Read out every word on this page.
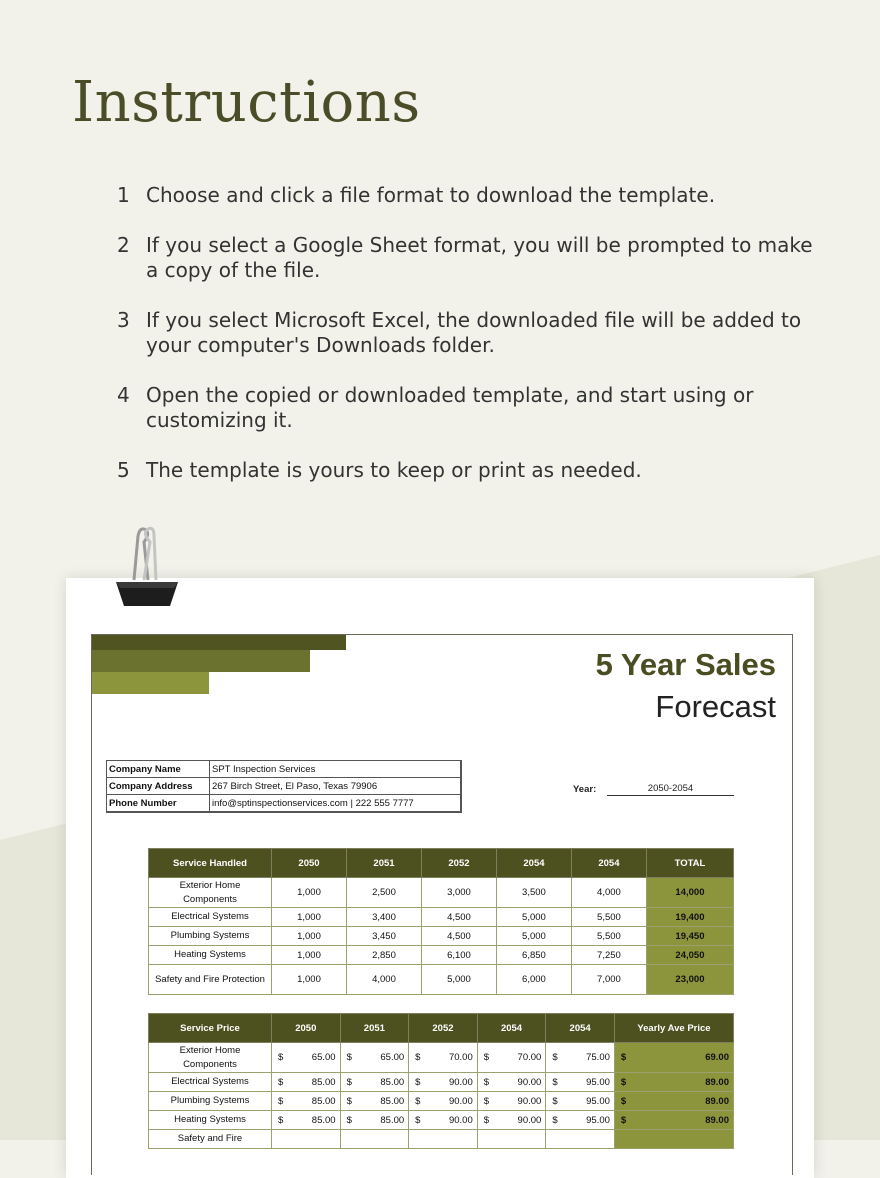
Instructions
1 Choose and click a file format to download the template.
2 If you select a Google Sheet format, you will be prompted to make a copy of the file.
3 If you select Microsoft Excel, the downloaded file will be added to your computer's Downloads folder.
4 Open the copied or downloaded template, and start using or customizing it.
5 The template is yours to keep or print as needed.
5 Year Sales
Forecast
Company Name	SPT Inspection Services
Company Address	267 Birch Street, El Paso, Texas 79906
Phone Number	info@sptinspectionservices.com | 222 555 7777
Year:	2050-2054
Service Handled	2050	2051	2052	2054	2054	TOTAL
Exterior Home Components	1,000	2,500	3,000	3,500	4,000	14,000
Electrical Systems	1,000	3,400	4,500	5,000	5,500	19,400
Plumbing Systems	1,000	3,450	4,500	5,000	5,500	19,450
Heating Systems	1,000	2,850	6,100	6,850	7,250	24,050
Safety and Fire Protection	1,000	4,000	5,000	6,000	7,000	23,000
Service Price	2050	2051	2052	2054	2054	Yearly Ave Price
Exterior Home Components	$ 65.00	$ 65.00	$ 70.00	$ 70.00	$ 75.00	$ 69.00
Electrical Systems	$ 85.00	$ 85.00	$ 90.00	$ 90.00	$ 95.00	$ 89.00
Plumbing Systems	$ 85.00	$ 85.00	$ 90.00	$ 90.00	$ 95.00	$ 89.00
Heating Systems	$ 85.00	$ 85.00	$ 90.00	$ 90.00	$ 95.00	$ 89.00
Safety and Fire						
